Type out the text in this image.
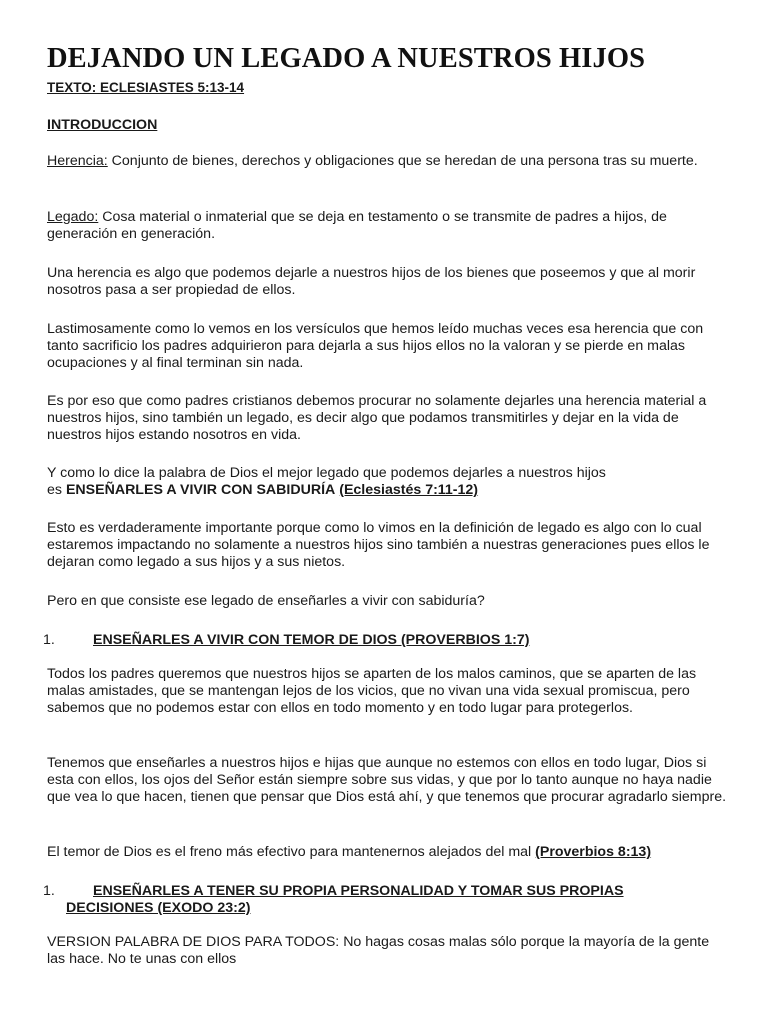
DEJANDO UN LEGADO A NUESTROS HIJOS

TEXTO: ECLESIASTES 5:13-14

INTRODUCCION

Herencia: Conjunto de bienes, derechos y obligaciones que se heredan de una persona tras su muerte.

Legado: Cosa material o inmaterial que se deja en testamento o se transmite de padres a hijos, de generación en generación.

Una herencia es algo que podemos dejarle a nuestros hijos de los bienes que poseemos y que al morir nosotros pasa a ser propiedad de ellos.

Lastimosamente como lo vemos en los versículos que hemos leído muchas veces esa herencia que con tanto sacrificio los padres adquirieron para dejarla a sus hijos ellos no la valoran y se pierde en malas ocupaciones y al final terminan sin nada.

Es por eso que como padres cristianos debemos procurar no solamente dejarles una herencia material a nuestros hijos, sino también un legado, es decir algo que podamos transmitirles y dejar en la vida de nuestros hijos estando nosotros en vida.

Y como lo dice la palabra de Dios el mejor legado que podemos dejarles a nuestros hijos
es ENSEÑARLES A VIVIR CON SABIDURÍA (Eclesiastés 7:11-12)

Esto es verdaderamente importante porque como lo vimos en la definición de legado es algo con lo cual estaremos impactando no solamente a nuestros hijos sino también a nuestras generaciones pues ellos le dejaran como legado a sus hijos y a sus nietos.

Pero en que consiste ese legado de enseñarles a vivir con sabiduría?

1.	ENSEÑARLES A VIVIR CON TEMOR DE DIOS (PROVERBIOS 1:7)

Todos los padres queremos que nuestros hijos se aparten de los malos caminos, que se aparten de las malas amistades, que se mantengan lejos de los vicios, que no vivan una vida sexual promiscua, pero sabemos que no podemos estar con ellos en todo momento y en todo lugar para protegerlos.

Tenemos que enseñarles a nuestros hijos e hijas que aunque no estemos con ellos en todo lugar, Dios si esta con ellos, los ojos del Señor están siempre sobre sus vidas, y que por lo tanto aunque no haya nadie que vea lo que hacen, tienen que pensar que Dios está ahí, y que tenemos que procurar agradarlo siempre.

El temor de Dios es el freno más efectivo para mantenernos alejados del mal (Proverbios 8:13)

1.	ENSEÑARLES A TENER SU PROPIA PERSONALIDAD Y TOMAR SUS PROPIAS
DECISIONES (EXODO 23:2)

VERSION PALABRA DE DIOS PARA TODOS: No hagas cosas malas sólo porque la mayoría de la gente las hace. No te unas con ellos
